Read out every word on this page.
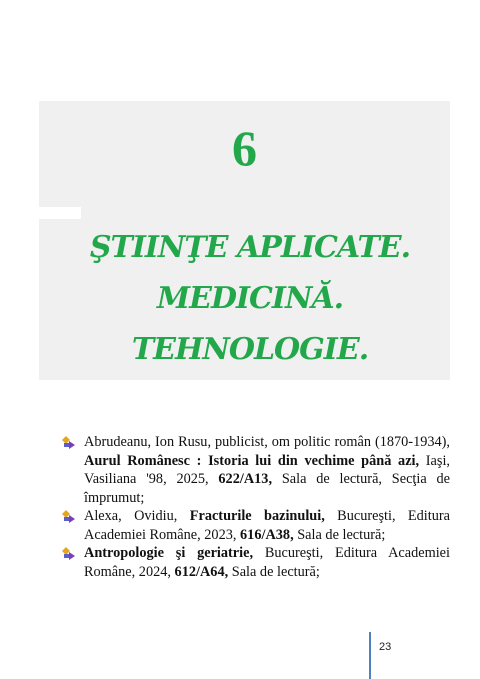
6
ŞTIINŢE APLICATE.
MEDICINĂ.
TEHNOLOGIE.
Abrudeanu, Ion Rusu, publicist, om politic român (1870-1934), Aurul Românesc : Istoria lui din vechime până azi, Iaşi, Vasiliana '98, 2025, 622/A13, Sala de lectură, Secţia de împrumut;
Alexa, Ovidiu, Fracturile bazinului, Bucureşti, Editura Academiei Române, 2023, 616/A38, Sala de lectură;
Antropologie şi geriatrie, Bucureşti, Editura Academiei Române, 2024, 612/A64, Sala de lectură;
23
